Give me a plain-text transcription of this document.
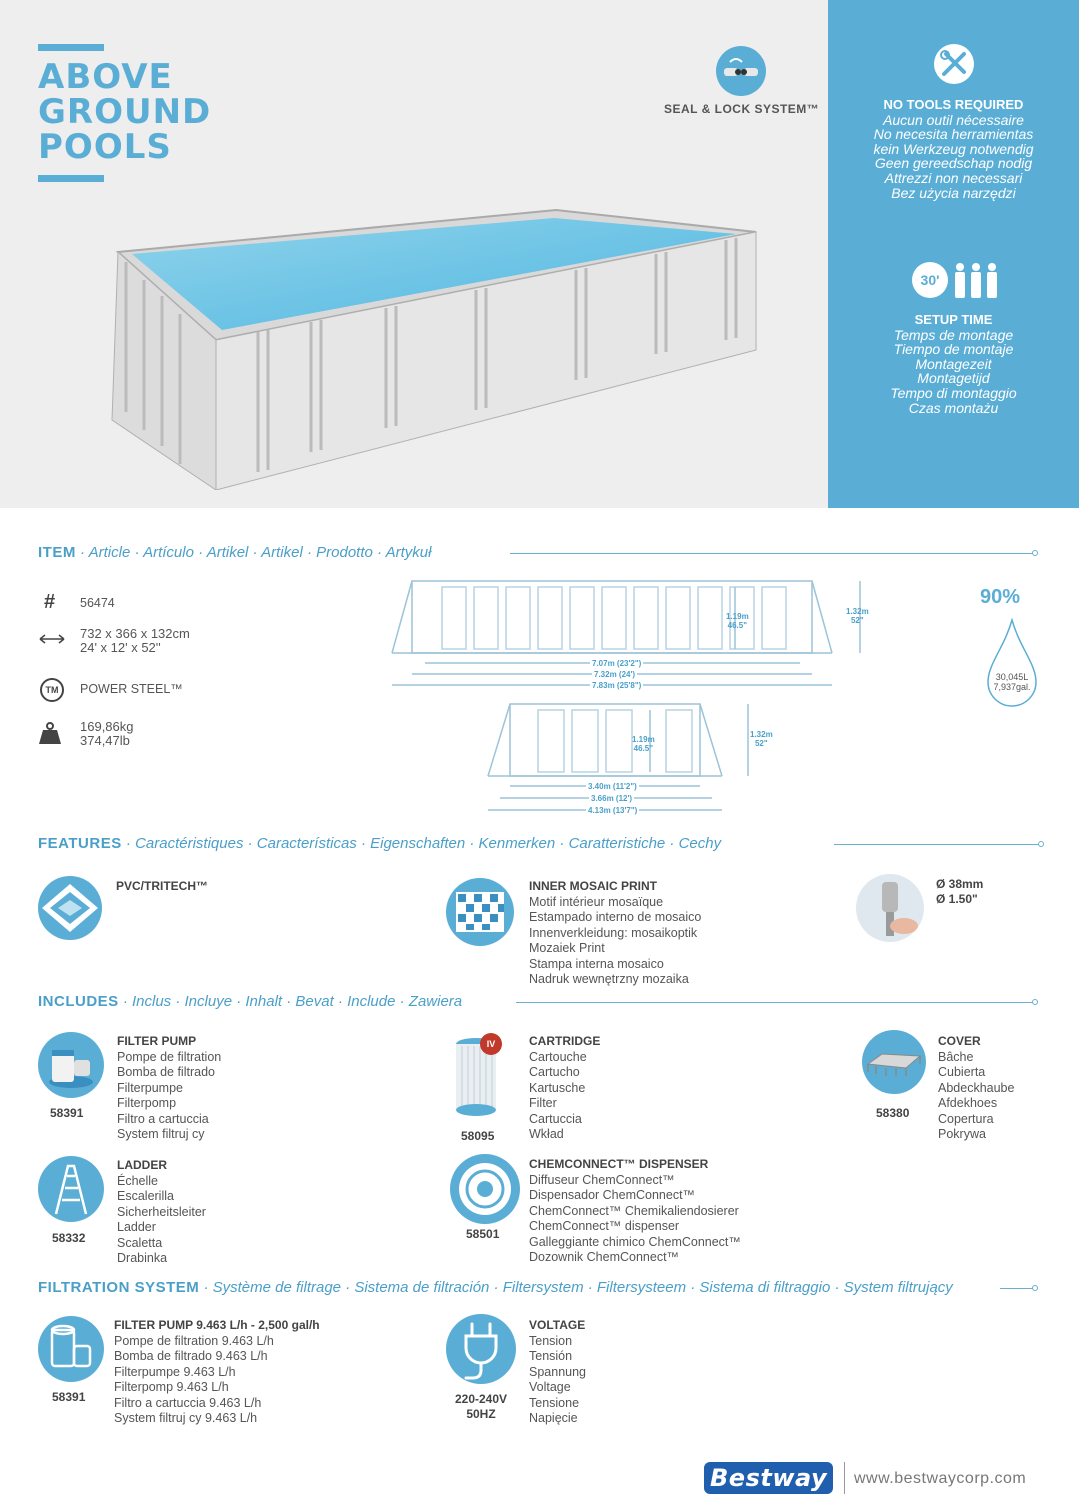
ABOVE
GROUND
POOLS
SEAL & LOCK SYSTEM™	NO TOOLS REQUIRED
Aucun outil nécessaire
No necesita herramientas
kein Werkzeug notwendig
Geen gereedschap nodig
Attrezzi non necessari
Bez użycia narzędzi
30'
SETUP TIME
Temps de montage
Tiempo de montaje
Montagezeit
Montagetijd
Tempo di montaggio
Czas montażu
ITEM · Article · Artículo · Artikel · Artikel · Prodotto · Artykuł
# 56474
732 x 366 x 132cm
24' x 12' x 52''
TM	POWER STEEL™
169,86kg
374,47lb
1.19m
46.5"
1.32m
52"
7.07m (23'2")
7.32m (24')
7.83m (25'8")
1.19m
46.5"
1.32m
52"
3.40m (11'2")
3.66m (12')
4.13m (13'7")
90%
30,045L
7,937gal.
FEATURES · Caractéristiques · Características · Eigenschaften · Kenmerken · Caratteristiche · Cechy
PVC/TRITECH™	INNER MOSAIC PRINT
Motif intérieur mosaïque
Estampado interno de mosaico
Innenverkleidung: mosaikoptik
Mozaiek Print
Stampa interna mosaico
Nadruk wewnętrzny mozaika
Ø 38mm
Ø 1.50"
INCLUDES · Inclus · Incluye · Inhalt · Bevat · Include · Zawiera
58391
FILTER PUMP
Pompe de filtration
Bomba de filtrado
Filterpumpe
Filterpomp
Filtro a cartuccia
System filtruj cy
IV
58095
CARTRIDGE
Cartouche
Cartucho
Kartusche
Filter
Cartuccia
Wkład
58380
COVER
Bâche
Cubierta
Abdeckhaube
Afdekhoes
Copertura
Pokrywa
58332
LADDER
Échelle
Escalerilla
Sicherheitsleiter
Ladder
Scaletta
Drabinka
58501
CHEMCONNECT™ DISPENSER
Diffuseur ChemConnect™
Dispensador ChemConnect™
ChemConnect™ Chemikaliendosierer
ChemConnect™ dispenser
Galleggiante chimico ChemConnect™
Dozownik ChemConnect™
FILTRATION SYSTEM · Système de filtrage · Sistema de filtración · Filtersystem · Filtersysteem · Sistema di filtraggio · System filtrujący
58391
FILTER PUMP 9.463 L/h - 2,500 gal/h
Pompe de filtration 9.463 L/h
Bomba de filtrado 9.463 L/h
Filterpumpe 9.463 L/h
Filterpomp 9.463 L/h
Filtro a cartuccia 9.463 L/h
System filtruj cy 9.463 L/h
220-240V
50HZ
VOLTAGE
Tension
Tensión
Spannung
Voltage
Tensione
Napięcie
Bestway	www.bestwaycorp.com
